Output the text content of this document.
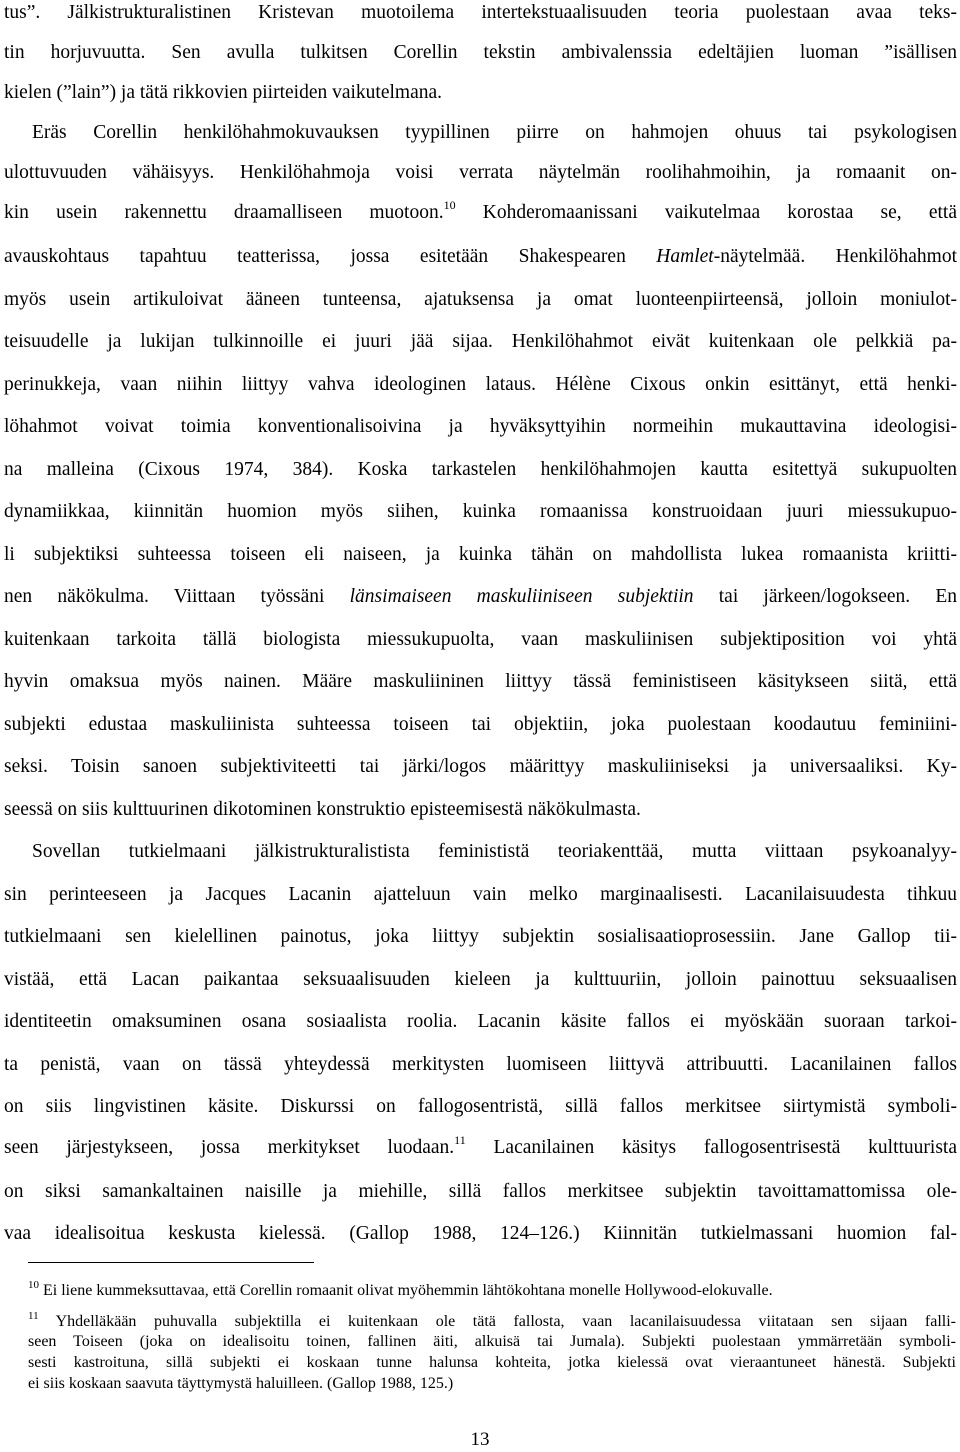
tus”. Jälkistrukturalistinen Kristevan muotoilema intertekstuaalisuuden teoria puolestaan avaa teks-
tin horjuvuutta. Sen avulla tulkitsen Corellin tekstin ambivalenssia edeltäjien luoman ”isällisen
kielen (”lain”) ja tätä rikkovien piirteiden vaikutelmana.
Eräs Corellin henkilöhahmokuvauksen tyypillinen piirre on hahmojen ohuus tai psykologisen
ulottuvuuden vähäisyys. Henkilöhahmoja voisi verrata näytelmän roolihahmoihin, ja romaanit on-
kin usein rakennettu draamalliseen muotoon.$^{10}$ Kohderomaanissani vaikutelmaa korostaa se, että
avauskohtaus tapahtuu teatterissa, jossa esitetään Shakespearen Hamlet-näytelmää. Henkilöhahmot
myös usein artikuloivat ääneen tunteensa, ajatuksensa ja omat luonteenpiirteensä, jolloin moniulot-
teisuudelle ja lukijan tulkinnoille ei juuri jää sijaa. Henkilöhahmot eivät kuitenkaan ole pelkkiä pa-
perinukkeja, vaan niihin liittyy vahva ideologinen lataus. Hélène Cixous onkin esittänyt, että henki-
löhahmot voivat toimia konventionalisoivina ja hyväksyttyihin normeihin mukauttavina ideologisi-
na malleina (Cixous 1974, 384). Koska tarkastelen henkilöhahmojen kautta esitettyä sukupuolten
dynamiikkaa, kiinnitän huomion myös siihen, kuinka romaanissa konstruoidaan juuri miessukupuo-
li subjektiksi suhteessa toiseen eli naiseen, ja kuinka tähän on mahdollista lukea romaanista kriitti-
nen näkökulma. Viittaan työssäni länsimaiseen maskuliiniseen subjektiin tai järkeen/logokseen. En
kuitenkaan tarkoita tällä biologista miessukupuolta, vaan maskuliinisen subjektiposition voi yhtä
hyvin omaksua myös nainen. Määre maskuliininen liittyy tässä feministiseen käsitykseen siitä, että
subjekti edustaa maskuliinista suhteessa toiseen tai objektiin, joka puolestaan koodautuu feminiini-
seksi. Toisin sanoen subjektiviteetti tai järki/logos määrittyy maskuliiniseksi ja universaaliksi. Ky-
seessä on siis kulttuurinen dikotominen konstruktio episteemisestä näkökulmasta.
Sovellan tutkielmaani jälkistrukturalistista feminististä teoriakenttää, mutta viittaan psykoanalyy-
sin perinteeseen ja Jacques Lacanin ajatteluun vain melko marginaalisesti. Lacanilaisuudesta tihkuu
tutkielmaani sen kielellinen painotus, joka liittyy subjektin sosialisaatioprosessiin. Jane Gallop tii-
vistää, että Lacan paikantaa seksuaalisuuden kieleen ja kulttuuriin, jolloin painottuu seksuaalisen
identiteetin omaksuminen osana sosiaalista roolia. Lacanin käsite fallos ei myöskään suoraan tarkoi-
ta penistä, vaan on tässä yhteydessä merkitysten luomiseen liittyvä attribuutti. Lacanilainen fallos
on siis lingvistinen käsite. Diskurssi on fallogosentristä, sillä fallos merkitsee siirtymistä symboli-
seen järjestykseen, jossa merkitykset luodaan.$^{11}$ Lacanilainen käsitys fallogosentrisestä kulttuurista
on siksi samankaltainen naisille ja miehille, sillä fallos merkitsee subjektin tavoittamattomissa ole-
vaa idealisoitua keskusta kielessä. (Gallop 1988, 124–126.) Kiinnitän tutkielmassani huomion fal-
$^{10}$ Ei liene kummeksuttavaa, että Corellin romaanit olivat myöhemmin lähtökohtana monelle Hollywood-elokuvalle.
$^{11}$ Yhdelläkään puhuvalla subjektilla ei kuitenkaan ole tätä fallosta, vaan lacanilaisuudessa viitataan sen sijaan falli-
seen Toiseen (joka on idealisoitu toinen, fallinen äiti, alkuisä tai Jumala). Subjekti puolestaan ymmärretään symboli-
sesti kastroituna, sillä subjekti ei koskaan tunne halunsa kohteita, jotka kielessä ovat vieraantuneet hänestä. Subjekti
ei siis koskaan saavuta täyttymystä haluilleen. (Gallop 1988, 125.)
13
